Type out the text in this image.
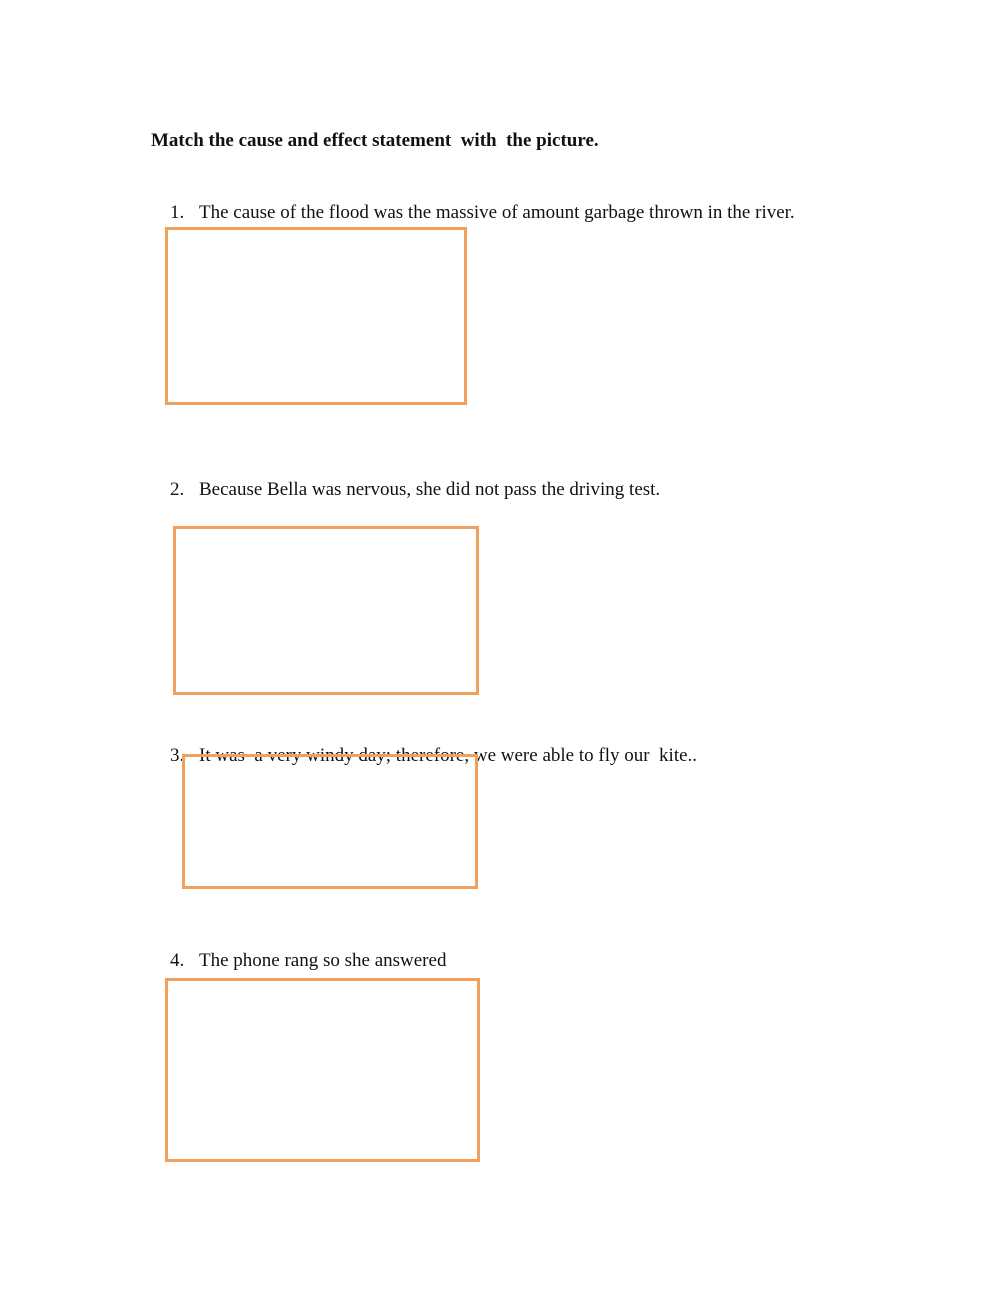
Match the cause and effect statement  with  the picture.

1. The cause of the flood was the massive of amount garbage thrown in the river.

2. Because Bella was nervous, she did not pass the driving test.

3. It was  a very windy day; therefore, we were able to fly our  kite..

4. The phone rang so she answered
